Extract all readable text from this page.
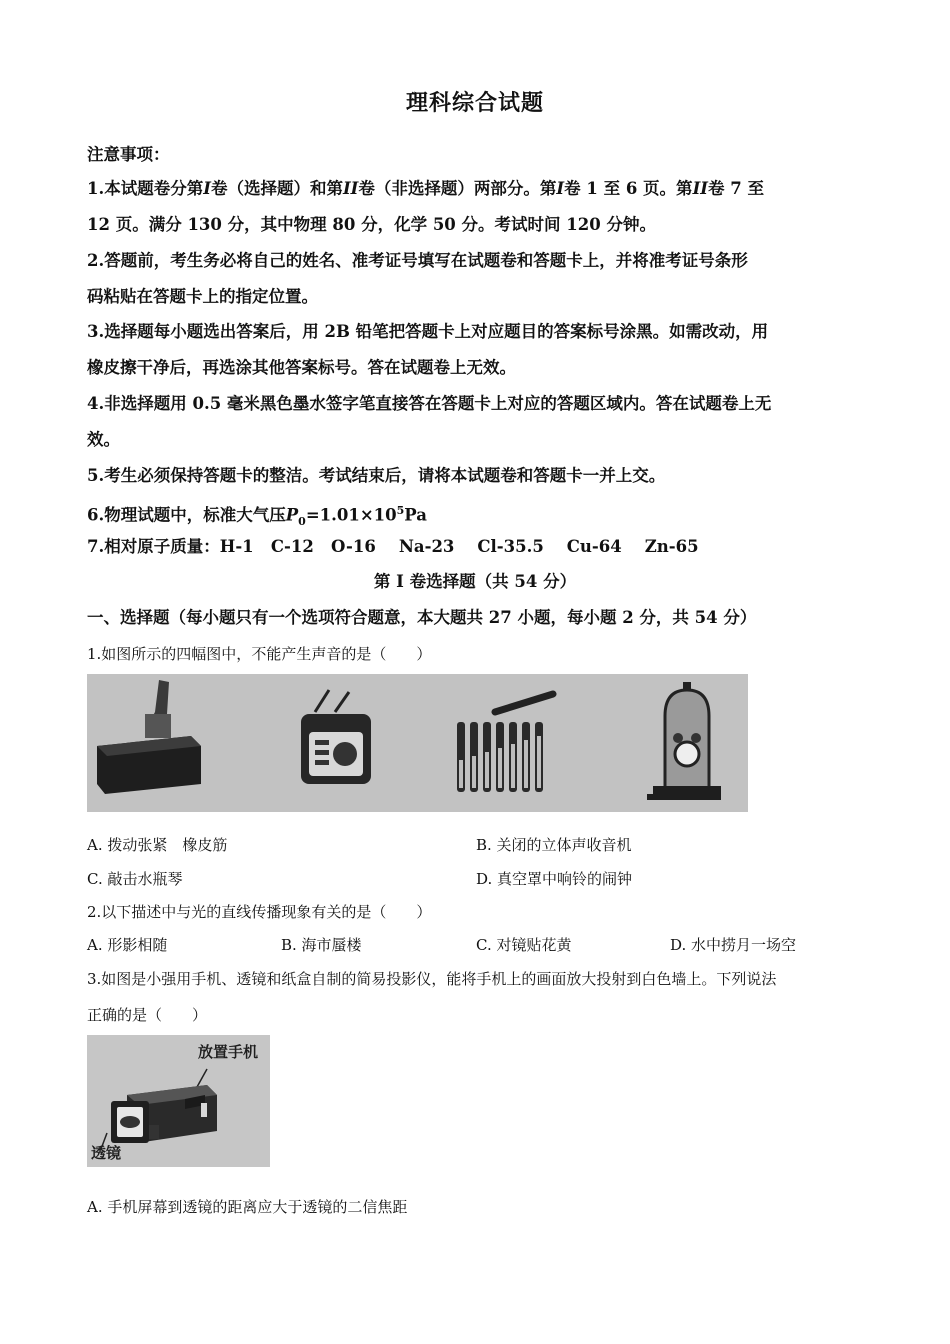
理科综合试题
注意事项：
1.本试题卷分第I卷（选择题）和第II卷（非选择题）两部分。第I卷 1 至 6 页。第II卷 7 至
12 页。满分 130 分，其中物理 80 分，化学 50 分。考试时间 120 分钟。
2.答题前，考生务必将自己的姓名、准考证号填写在试题卷和答题卡上，并将准考证号条形
码粘贴在答题卡上的指定位置。
3.选择题每小题选出答案后，用 2B 铅笔把答题卡上对应题目的答案标号涂黑。如需改动，用
橡皮擦干净后，再选涂其他答案标号。答在试题卷上无效。
4.非选择题用 0.5 毫米黑色墨水签字笔直接答在答题卡上对应的答题区域内。答在试题卷上无
效。
5.考生必须保持答题卡的整洁。考试结束后，请将本试题卷和答题卡一并上交。
6.物理试题中，标准大气压$P_0=1.01\times 10^5Pa$
7.相对原子质量：H-1   C-12   O-16    Na-23    Cl-35.5    Cu-64    Zn-65
第 I 卷选择题（共 54 分）
一、选择题（每小题只有一个选项符合题意，本大题共 27 小题，每小题 2 分，共 54 分）
1.如图所示的四幅图中，不能产生声音的是（　　）
A. 拨动张紧　橡皮筋	B. 关闭的立体声收音机
C. 敲击水瓶琴	D. 真空罩中响铃的闹钟
2.以下描述中与光的直线传播现象有关的是（　　）
A. 形影相随	B. 海市蜃楼	C. 对镜贴花黄	D. 水中捞月一场空
3.如图是小强用手机、透镜和纸盒自制的简易投影仪，能将手机上的画面放大投射到白色墙上。下列说法
正确的是（　　）
放置手机
透镜
A. 手机屏幕到透镜的距离应大于透镜的二信焦距
